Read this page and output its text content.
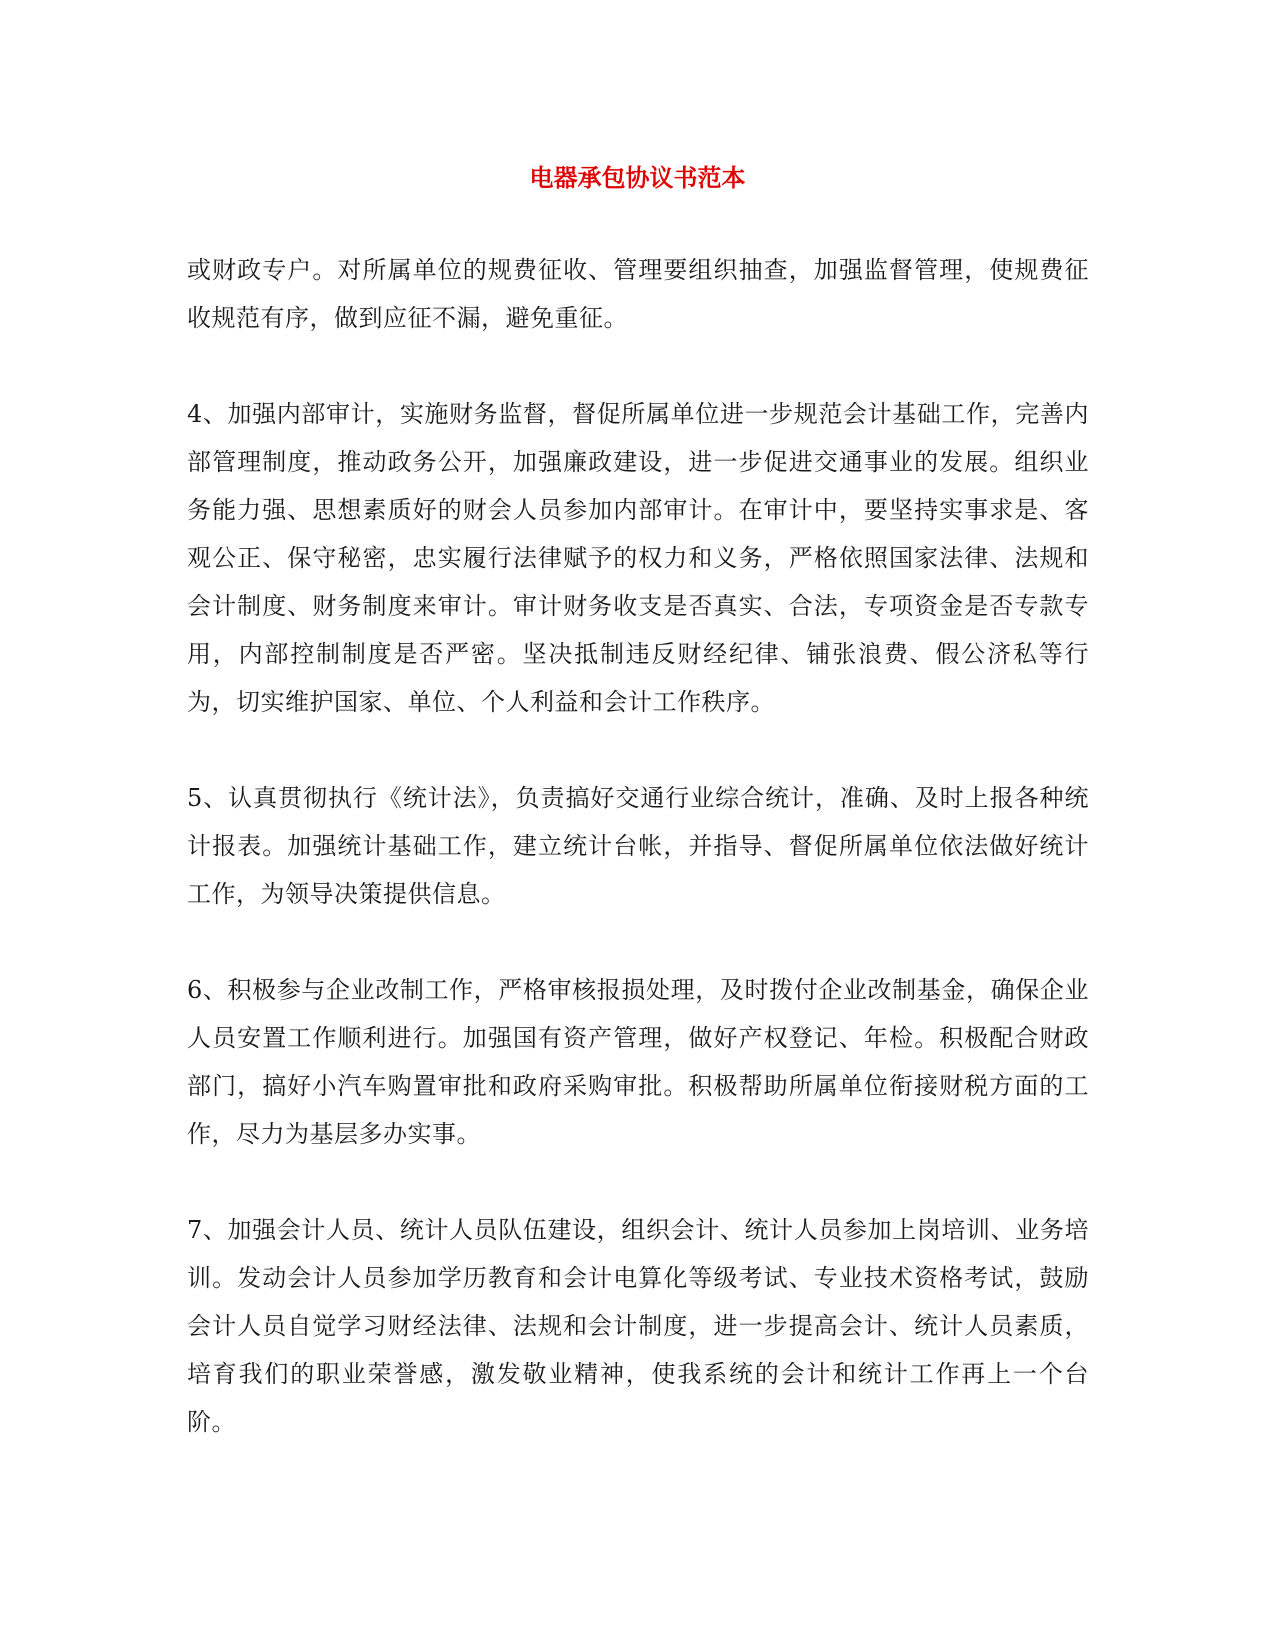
电器承包协议书范本

或财政专户。对所属单位的规费征收、管理要组织抽查，加强监督管理，使规费征收规范有序，做到应征不漏，避免重征。

4、加强内部审计，实施财务监督，督促所属单位进一步规范会计基础工作，完善内部管理制度，推动政务公开，加强廉政建设，进一步促进交通事业的发展。组织业务能力强、思想素质好的财会人员参加内部审计。在审计中，要坚持实事求是、客观公正、保守秘密，忠实履行法律赋予的权力和义务，严格依照国家法律、法规和会计制度、财务制度来审计。审计财务收支是否真实、合法，专项资金是否专款专用，内部控制制度是否严密。坚决抵制违反财经纪律、铺张浪费、假公济私等行为，切实维护国家、单位、个人利益和会计工作秩序。

5、认真贯彻执行《统计法》，负责搞好交通行业综合统计，准确、及时上报各种统计报表。加强统计基础工作，建立统计台帐，并指导、督促所属单位依法做好统计工作，为领导决策提供信息。

6、积极参与企业改制工作，严格审核报损处理，及时拨付企业改制基金，确保企业人员安置工作顺利进行。加强国有资产管理，做好产权登记、年检。积极配合财政部门，搞好小汽车购置审批和政府采购审批。积极帮助所属单位衔接财税方面的工作，尽力为基层多办实事。

7、加强会计人员、统计人员队伍建设，组织会计、统计人员参加上岗培训、业务培训。发动会计人员参加学历教育和会计电算化等级考试、专业技术资格考试，鼓励会计人员自觉学习财经法律、法规和会计制度，进一步提高会计、统计人员素质，培育我们的职业荣誉感，激发敬业精神，使我系统的会计和统计工作再上一个台阶。
